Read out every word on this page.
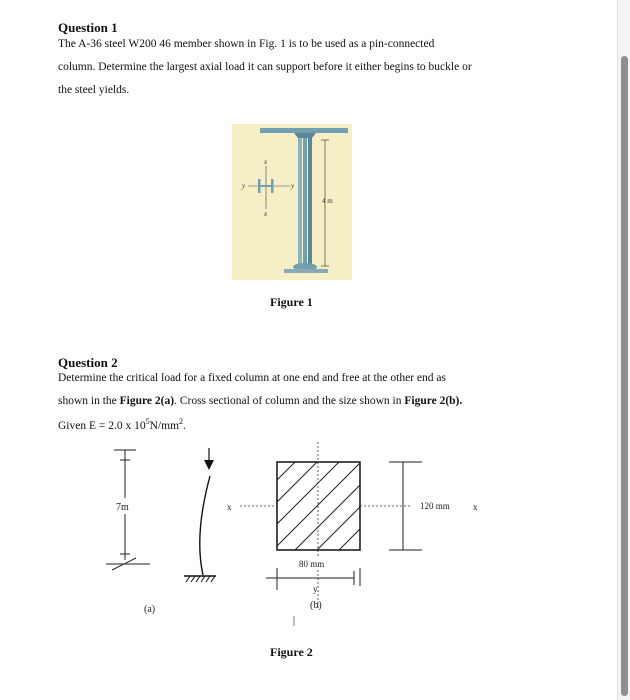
Question 1
The A-36 steel W200 46 member shown in Fig. 1 is to be used as a pin-connected
column. Determine the largest axial load it can support before it either begins to buckle or
the steel yields.
4 m
x
x
y	y
Figure 1
Question 2
Determine the critical load for a fixed column at one end and free at the other end as
shown in the Figure 2(a). Cross sectional of column and the size shown in Figure 2(b).
Given E = 2.0 x $10^5N/mm^2$.
7m
(a)
x	x
120 mm
80 mm
y
(b)
Figure 2
